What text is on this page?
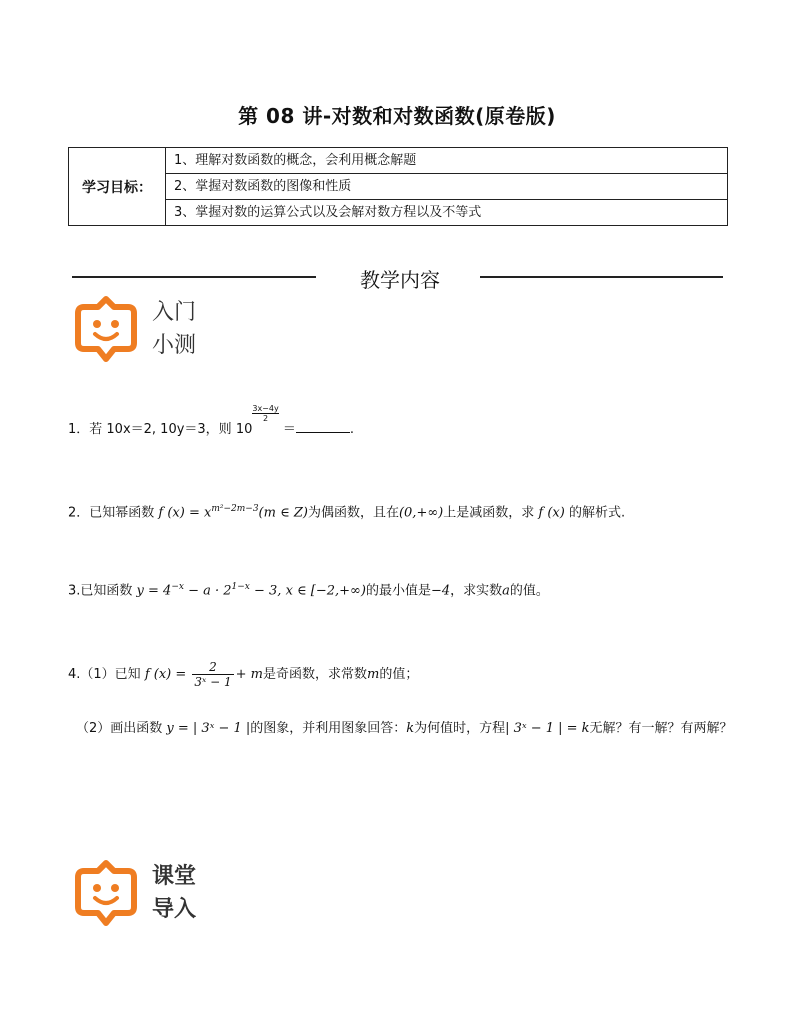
第 08 讲-对数和对数函数(原卷版)
学习目标：	
1、理解对数函数的概念，会利用概念解题
2、掌握对数函数的图像和性质
3、掌握对数的运算公式以及会解对数方程以及不等式
教学内容
入门
小测
1．若 10x＝2, 10y＝3，则 10
$\frac{3x-4y}{2}$
＝	.
2．已知幂函数 f $(x) = x^{m^2-2m-3}(m$ ∈ Z)为偶函数，且在(0,+∞)上是减函数，求 f (x) 的解析式.
3.已知函数 $y = 4^{-x} - a \cdot 2^{1-x} - 3$, x ∈ [−2,+∞)的最小值是−4，求实数a的值。
4.（1）已知 f $(x) = \frac{2}{\text{3ˣ − 1}} + m$是奇函数，求常数m的值；
（2）画出函数 y = | 3ˣ − 1 |的图象，并利用图象回答：k为何值时，方程| 3ˣ − 1 | = k无解？有一解？有两解？
课堂
导入
